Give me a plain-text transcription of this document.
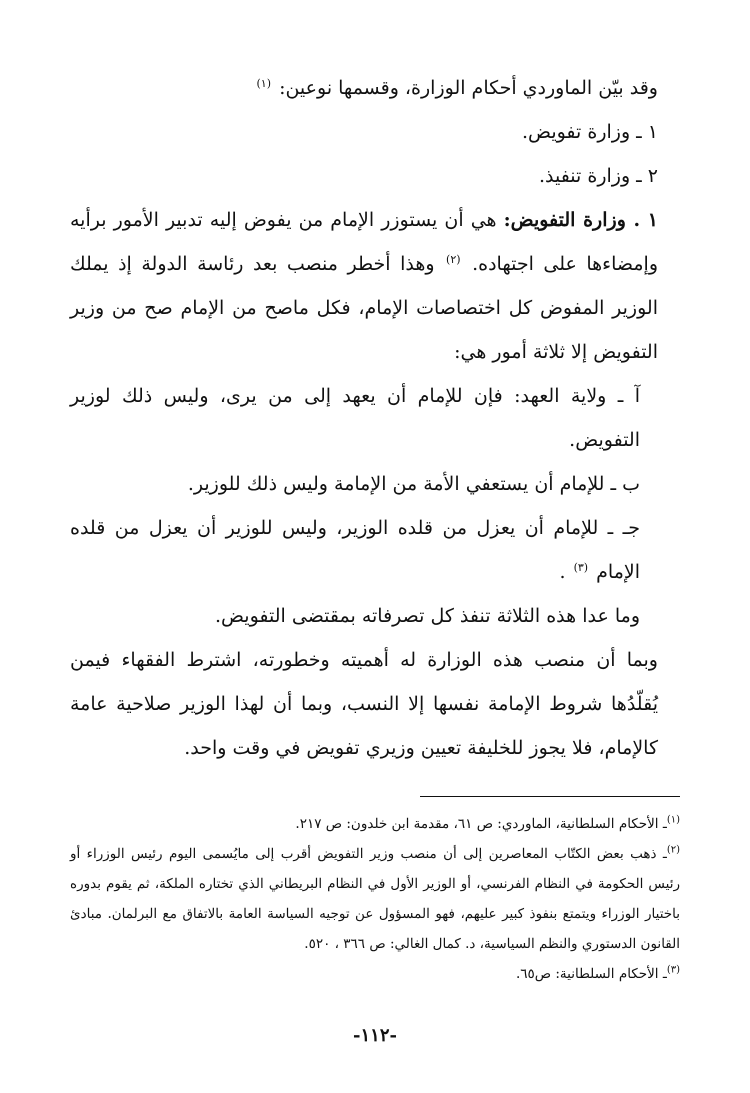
وقد بيّن الماوردي أحكام الوزارة، وقسمها نوعين: $^{(١)}$

١ ـ وزارة تفويض.

٢ ـ وزارة تنفيذ.

١ . وزارة التفويض: هي أن يستوزر الإمام من يفوض إليه تدبير الأمور برأيه وإمضاءها على اجتهاده. $^{(٢)}$ وهذا أخطر منصب بعد رئاسة الدولة إذ يملك الوزير المفوض كل اختصاصات الإمام، فكل ماصح من الإمام صح من وزير التفويض إلا ثلاثة أمور هي:

آ ـ ولاية العهد: فإن للإمام أن يعهد إلى من يرى، وليس ذلك لوزير التفويض.

ب ـ للإمام أن يستعفي الأمة من الإمامة وليس ذلك للوزير.

جـ ـ للإمام أن يعزل من قلده الوزير، وليس للوزير أن يعزل من قلده الإمام $^{(٣)}$ .

وما عدا هذه الثلاثة تنفذ كل تصرفاته بمقتضى التفويض.

وبما أن منصب هذه الوزارة له أهميته وخطورته، اشترط الفقهاء فيمن يُقلّدُها شروط الإمامة نفسها إلا النسب، وبما أن لهذا الوزير صلاحية عامة كالإمام، فلا يجوز للخليفة تعيين وزيري تفويض في وقت واحد.

$^{(١)}$ـ الأحكام السلطانية، الماوردي: ص ٦١، مقدمة ابن خلدون: ص ٢١٧.

$^{(٢)}$ـ ذهب بعض الكتّاب المعاصرين إلى أن منصب وزير التفويض أقرب إلى مايُسمى اليوم رئيس الوزراء أو رئيس الحكومة في النظام الفرنسي، أو الوزير الأول في النظام البريطاني الذي تختاره الملكة، ثم يقوم بدوره باختيار الوزراء ويتمتع بنفوذ كبير عليهم، فهو المسؤول عن توجيه السياسة العامة بالاتفاق مع البرلمان. مبادئ القانون الدستوري والنظم السياسية، د. كمال الغالي: ص ٣٦٦ ، ٥٢٠.

$^{(٣)}$ـ الأحكام السلطانية: ص٦٥.

-١١٢-
